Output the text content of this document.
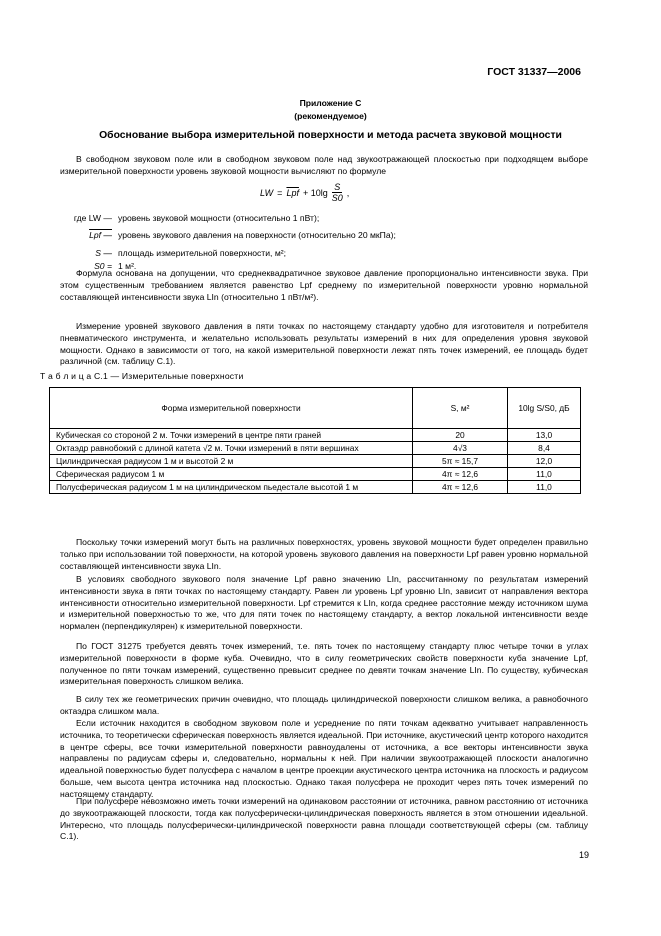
ГОСТ 31337—2006
Приложение С
(рекомендуемое)
Обоснование выбора измерительной поверхности и метода расчета звуковой мощности
В свободном звуковом поле или в свободном звуковом поле над звукоотражающей плоскостью при подходящем выборе измерительной поверхности уровень звуковой мощности вычисляют по формуле
LW = $\overline{Lpf} + 10\lg \frac{S}{S0}$ ,
где LW — уровень звуковой мощности (относительно 1 пВт);
Lpf — уровень звукового давления на поверхности (относительно 20 мкПа);
S — площадь измерительной поверхности, м²;
S0 = 1 м².
Формула основана на допущении, что среднеквадратичное звуковое давление пропорционально интенсивности звука. При этом существенным требованием является равенство Lpf среднему по измерительной поверхности уровню нормальной составляющей интенсивности звука LIn (относительно 1 пВт/м²).
Измерение уровней звукового давления в пяти точках по настоящему стандарту удобно для изготовителя и потребителя пневматического инструмента, и желательно использовать результаты измерений в них для определения уровня звуковой мощности. Однако в зависимости от того, на какой измерительной поверхности лежат пять точек измерений, ее площадь будет различной (см. таблицу С.1).
Т а б л и ц а С.1 — Измерительные поверхности
Форма измерительной поверхности	S, м²	10lg S/S0, дБ
Кубическая со стороной 2 м. Точки измерений в центре пяти граней	20	13,0
Октаэдр равнобокий с длиной катета √2 м. Точки измерений в пяти вершинах	4√3	8,4
Цилиндрическая радиусом 1 м и высотой 2 м	5π ≈ 15,7	12,0
Сферическая радиусом 1 м	4π ≈ 12,6	11,0
Полусферическая радиусом 1 м на цилиндрическом пьедестале высотой 1 м	4π ≈ 12,6	11,0
Поскольку точки измерений могут быть на различных поверхностях, уровень звуковой мощности будет определен правильно только при использовании той поверхности, на которой уровень звукового давления на поверхности Lpf равен уровню нормальной составляющей интенсивности звука LIn.
В условиях свободного звукового поля значение Lpf равно значению LIn, рассчитанному по результатам измерений интенсивности звука в пяти точках по настоящему стандарту. Равен ли уровень Lpf уровню LIn, зависит от направления вектора интенсивности относительно измерительной поверхности. Lpf стремится к LIn, когда среднее расстояние между источником шума и измерительной поверхностью то же, что для пяти точек по настоящему стандарту, а вектор локальной интенсивности везде нормален (перпендикулярен) к измерительной поверхности.
По ГОСТ 31275 требуется девять точек измерений, т.е. пять точек по настоящему стандарту плюс четыре точки в углах измерительной поверхности в форме куба. Очевидно, что в силу геометрических свойств поверхности куба значение Lpf, полученное по пяти точкам измерений, существенно превысит среднее по девяти точкам значение LIn. По существу, кубическая измерительная поверхность слишком велика.
В силу тех же геометрических причин очевидно, что площадь цилиндрической поверхности слишком велика, а равнобочного октаэдра слишком мала.
Если источник находится в свободном звуковом поле и усреднение по пяти точкам адекватно учитывает направленность источника, то теоретически сферическая поверхность является идеальной. При источнике, акустический центр которого находится в центре сферы, все точки измерительной поверхности равноудалены от источника, а все векторы интенсивности звука направлены по радиусам сферы и, следовательно, нормальны к ней. При наличии звукоотражающей плоскости аналогично идеальной поверхностью будет полусфера с началом в центре проекции акустического центра источника на плоскость и радиусом больше, чем высота центра источника над плоскостью. Однако такая полусфера не проходит через пять точек измерений по настоящему стандарту.
При полусфере невозможно иметь точки измерений на одинаковом расстоянии от источника, равном расстоянию от источника до звукоотражающей плоскости, тогда как полусферически-цилиндрическая поверхность является в этом отношении идеальной. Интересно, что площадь полусферически-цилиндрической поверхности равна площади соответствующей сферы (см. таблицу С.1).
19
